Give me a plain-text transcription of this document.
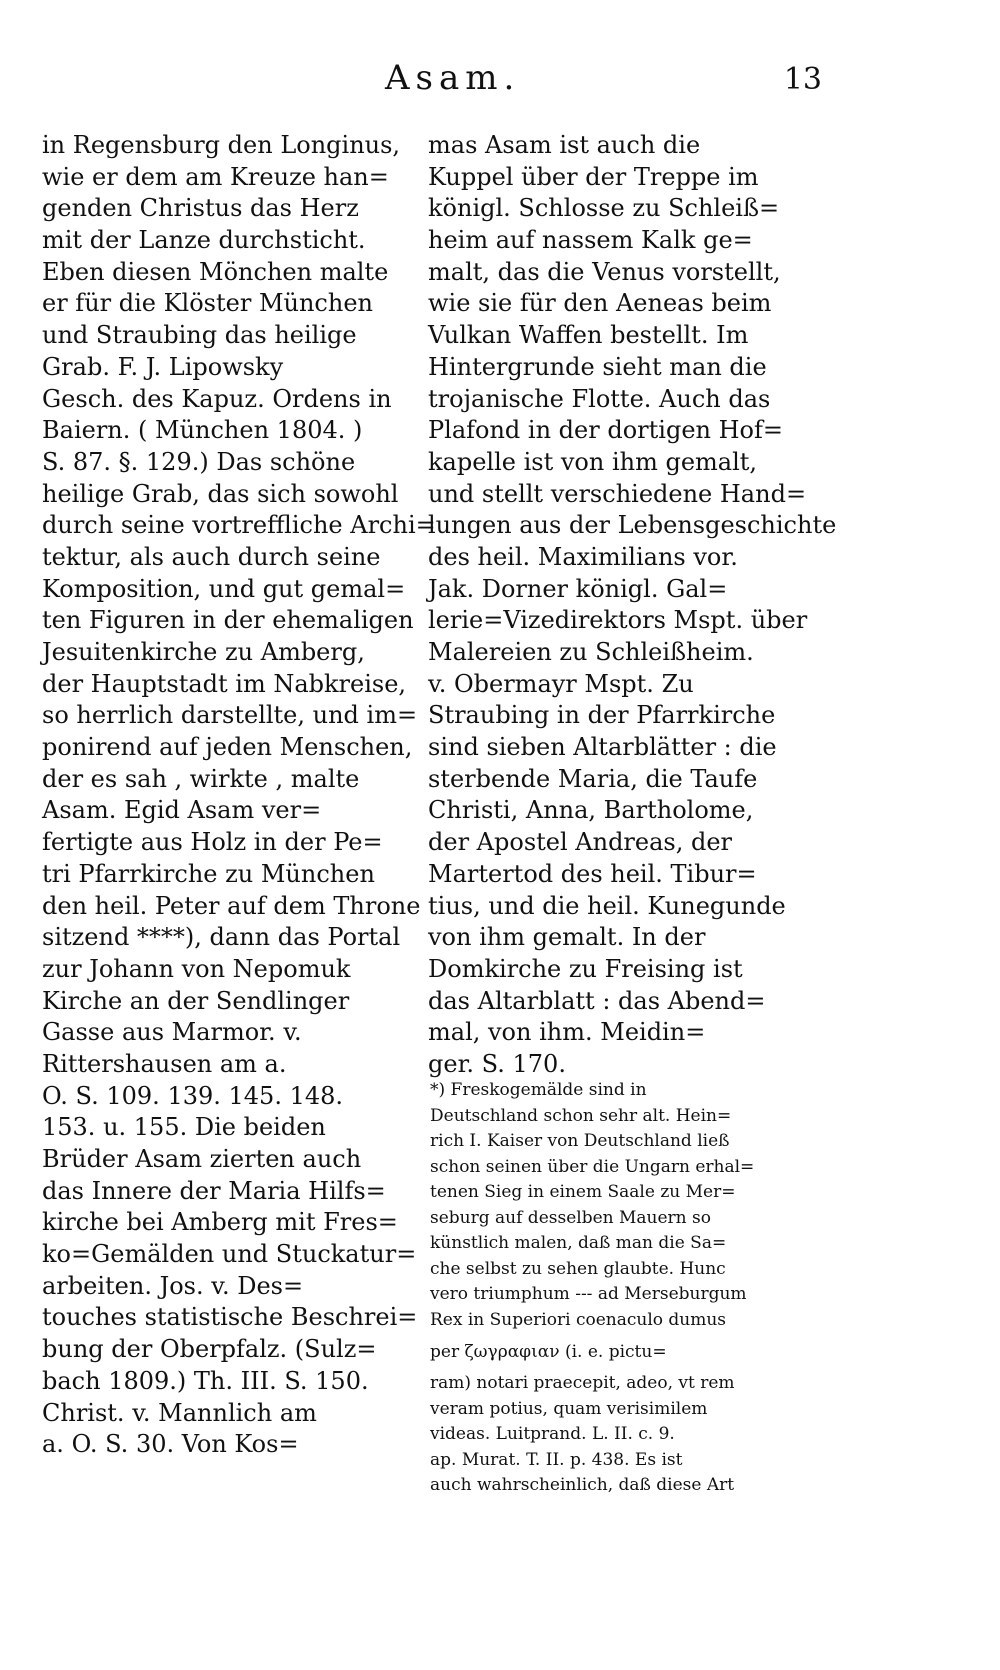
Asam.	13
in Regensburg den Longinus,
wie er dem am Kreuze han=
genden Christus das Herz
mit der Lanze durchsticht.
Eben diesen Mönchen malte
er für die Klöster München
und Straubing das heilige
Grab. F. J. Lipowsky
Gesch. des Kapuz. Ordens in
Baiern. ( München 1804. )
S. 87. §. 129.) Das schöne
heilige Grab, das sich sowohl
durch seine vortreffliche Archi=
tektur, als auch durch seine
Komposition, und gut gemal=
ten Figuren in der ehemaligen
Jesuitenkirche zu Amberg,
der Hauptstadt im Nabkreise,
so herrlich darstellte, und im=
ponirend auf jeden Menschen,
der es sah , wirkte , malte
Asam. Egid Asam ver=
fertigte aus Holz in der Pe=
tri Pfarrkirche zu München
den heil. Peter auf dem Throne
sitzend ****), dann das Portal
zur Johann von Nepomuk
Kirche an der Sendlinger
Gasse aus Marmor. v.
Rittershausen am a.
O. S. 109. 139. 145. 148.
153. u. 155. Die beiden
Brüder Asam zierten auch
das Innere der Maria Hilfs=
kirche bei Amberg mit Fres=
ko=Gemälden und Stuckatur=
arbeiten. Jos. v. Des=
touches statistische Beschrei=
bung der Oberpfalz. (Sulz=
bach 1809.) Th. III. S. 150.
Christ. v. Mannlich am
a. O. S. 30. Von Kos=
mas Asam ist auch die
Kuppel über der Treppe im
königl. Schlosse zu Schleiß=
heim auf nassem Kalk ge=
malt, das die Venus vorstellt,
wie sie für den Aeneas beim
Vulkan Waffen bestellt. Im
Hintergrunde sieht man die
trojanische Flotte. Auch das
Plafond in der dortigen Hof=
kapelle ist von ihm gemalt,
und stellt verschiedene Hand=
lungen aus der Lebensgeschichte
des heil. Maximilians vor.
Jak. Dorner königl. Gal=
lerie=Vizedirektors Mspt. über
Malereien zu Schleißheim.
v. Obermayr Mspt. Zu
Straubing in der Pfarrkirche
sind sieben Altarblätter : die
sterbende Maria, die Taufe
Christi, Anna, Bartholome,
der Apostel Andreas, der
Martertod des heil. Tibur=
tius, und die heil. Kunegunde
von ihm gemalt. In der
Domkirche zu Freising ist
das Altarblatt : das Abend=
mal, von ihm. Meidin=
ger. S. 170.
*) Freskogemälde sind in
Deutschland schon sehr alt. Hein=
rich I. Kaiser von Deutschland ließ
schon seinen über die Ungarn erhal=
tenen Sieg in einem Saale zu Mer=
seburg auf desselben Mauern so
künstlich malen, daß man die Sa=
che selbst zu sehen glaubte. Hunc
vero triumphum --- ad Merseburgum
Rex in Superiori coenaculo dumus
per ζωγραφιαν (i. e. pictu=
ram) notari praecepit, adeo, vt rem
veram potius, quam verisimilem
videas. Luitprand. L. II. c. 9.
ap. Murat. T. II. p. 438. Es ist
auch wahrscheinlich, daß diese Art
